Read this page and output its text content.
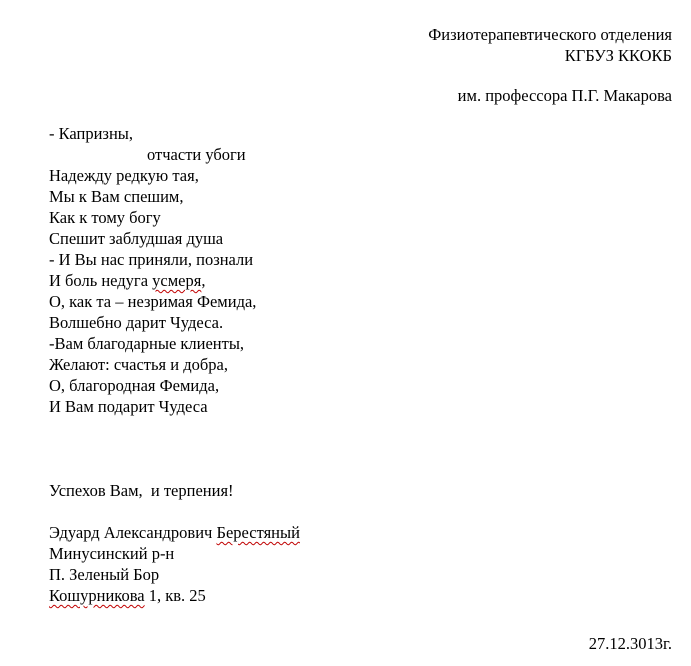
Физиотерапевтического отделения
КГБУЗ ККОКБ
им. профессора П.Г. Макарова
- Капризны,
отчасти убоги
Надежду редкую тая,
Мы к Вам спешим,
Как к тому богу
Спешит заблудшая душа
- И Вы нас приняли, познали
И боль недуга усмеря,
О, как та – незримая Фемида,
Волшебно дарит Чудеса.
-Вам благодарные клиенты,
Желают: счастья и добра,
О, благородная Фемида,
И Вам подарит Чудеса
Успехов Вам,  и терпения!
Эдуард Александрович Берестяный
Минусинский р-н
П. Зеленый Бор
Кошурникова 1, кв. 25
27.12.3013г.
